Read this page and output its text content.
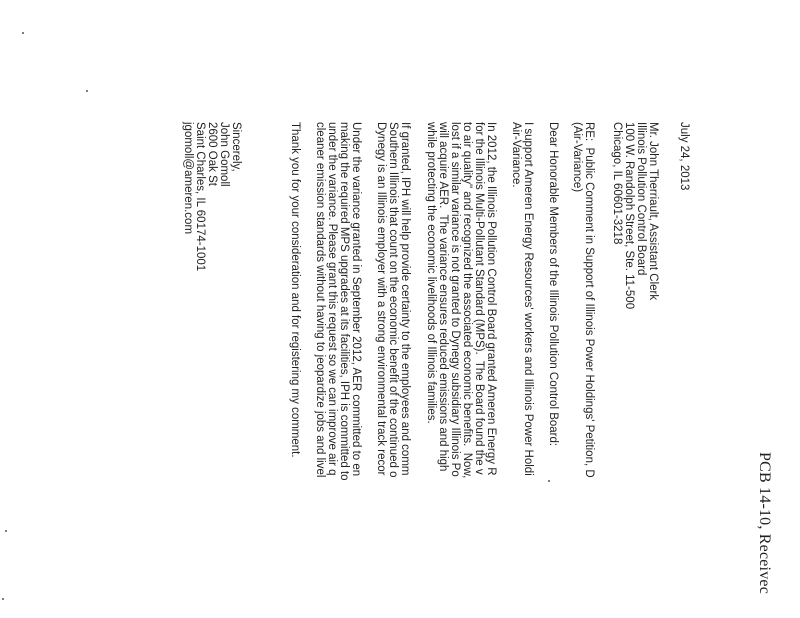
PCB 14-10, Receivec
July 24, 2013
Mr. John Therriault, Assistant Clerk
Illinois Pollution Control Board
100 W. Randolph Street, Ste. 11-500
Chicago, IL 60601-3218
RE:  Public Comment in Support of Illinois Power Holdings' Petition, D
(Air-Variance)
Dear Honorable Members of the Illinois Pollution Control Board:
I support Ameren Energy Resources' workers and Illinois Power Holdi
Air-Variance.
In 2012, the Illinois Pollution Control Board granted Ameren Energy R
for the Illinois Multi-Pollutant Standard (MPS).  The Board found the v
to air quality" and recognized the associated economic benefits.  Now,
lost if a similar variance is not granted to Dynegy subsidiary Illinois Po
will acquire AER.  The variance ensures reduced emissions and high
while protecting the economic livelihoods of Illinois families.
If granted, IPH will help provide certainty to the employees and comm
Southern Illinois that count on the economic benefit of the continued o
Dynegy is an Illinois employer with a strong environmental track recor
Under the variance granted in September 2012, AER committed to en
making the required MPS upgrades at its facilities, IPH is committed to
under the variance. Please grant this request so we can improve air q
cleaner emission standards without having to jeopardize jobs and livel
Thank you for your consideration and for registering my comment.
Sincerely,
John Gomoll
2600 Oak St
Saint Charles, IL 60174-1001
jgomoll@ameren.com
